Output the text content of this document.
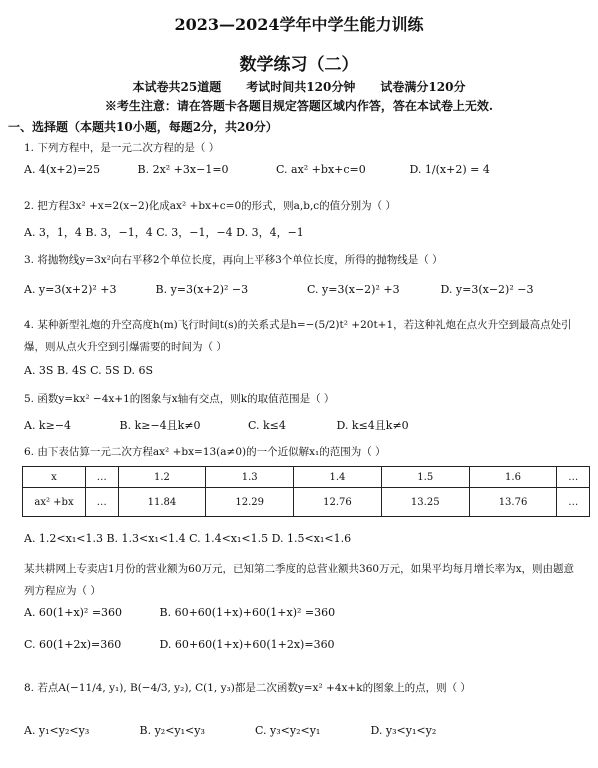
2023—2024学年中学生能力训练
数学练习（二）
本试卷共25道题      考试时间共120分钟      试卷满分120分
※考生注意：请在答题卡各题目规定答题区域内作答，答在本试卷上无效.
一、选择题（本题共10小题，每题2分，共20分）
1. 下列方程中，是一元二次方程的是（ ）
A. 4(x+2)=25	B. 2x² +3x−1=0	C. ax² +bx+c=0	D. 1/(x+2) = 4
2. 把方程3x² +x=2(x−2)化成ax² +bx+c=0的形式，则a,b,c的值分别为（ ）
A. 3，1，4 B. 3，−1，4 C. 3，−1，−4 D. 3，4，−1
3. 将抛物线y=3x²向右平移2个单位长度，再向上平移3个单位长度，所得的抛物线是（ ）
A. y=3(x+2)² +3	B. y=3(x+2)² −3	C. y=3(x−2)² +3	D. y=3(x−2)² −3
4. 某种新型礼炮的升空高度h(m)飞行时间t(s)的关系式是h=−(5/2)t² +20t+1，若这种礼炮在点火升空到最高点处引爆，则从点火升空到引爆需要的时间为（ ）
A. 3S B. 4S C. 5S D. 6S
5. 函数y=kx² −4x+1的图象与x轴有交点，则k的取值范围是（ ）
A. k≥−4	B. k≥−4且k≠0	C. k≤4	D. k≤4且k≠0
6. 由下表估算一元二次方程ax² +bx=13(a≠0)的一个近似解x₁的范围为（ ）
x	…	1.2	1.3	1.4	1.5	1.6	…
ax² +bx	…	11.84	12.29	12.76	13.25	13.76	…
A. 1.2<x₁<1.3 B. 1.3<x₁<1.4 C. 1.4<x₁<1.5 D. 1.5<x₁<1.6
某共耕网上专卖店1月份的营业额为60万元，已知第二季度的总营业额共360万元，如果平均每月增长率为x，则由题意列方程应为（ ）
A. 60(1+x)² =360	B. 60+60(1+x)+60(1+x)² =360
C. 60(1+2x)=360	D. 60+60(1+x)+60(1+2x)=360
8. 若点A(−11/4, y₁), B(−4/3, y₂), C(1, y₃)都是二次函数y=x² +4x+k的图象上的点，则（ ）
A. y₁<y₂<y₃	B. y₂<y₁<y₃	C. y₃<y₂<y₁	D. y₃<y₁<y₂
